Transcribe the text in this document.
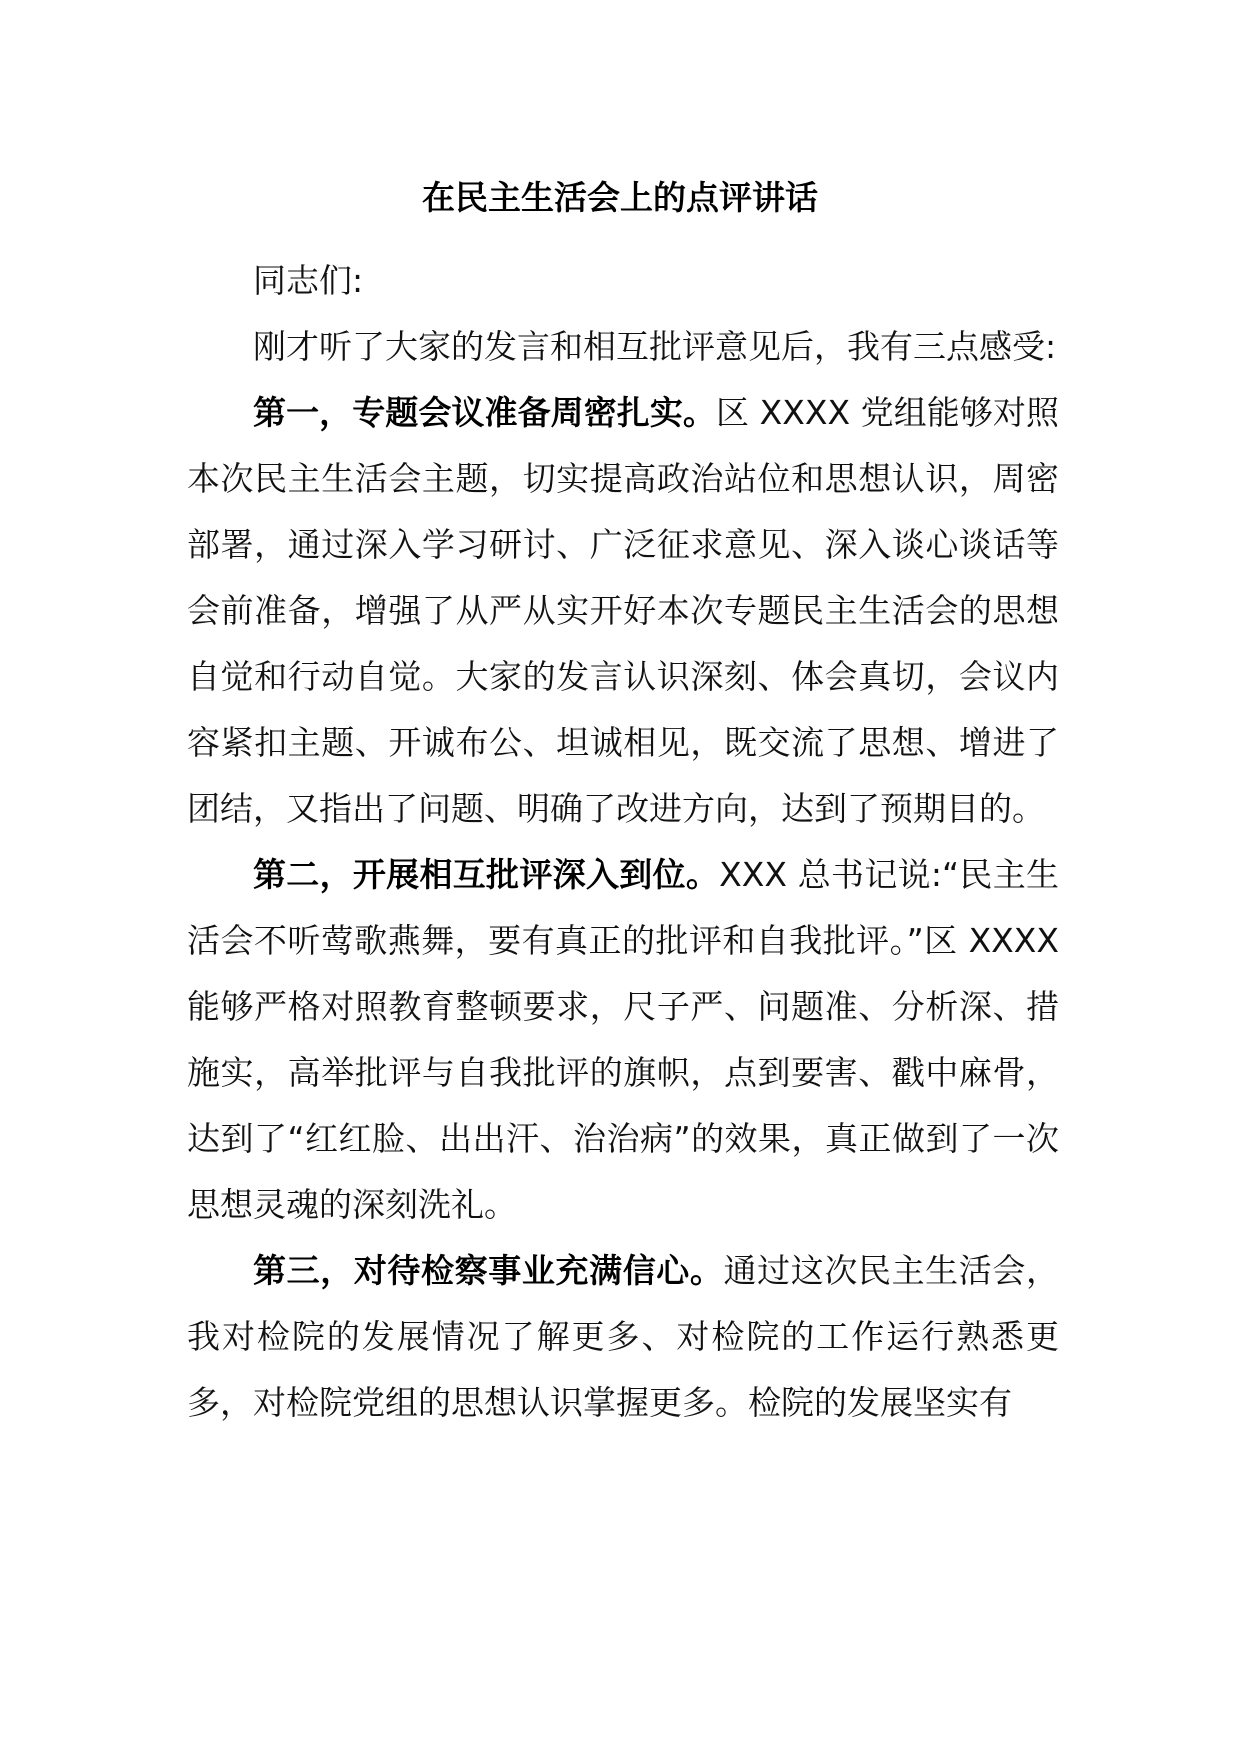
在民主生活会上的点评讲话

同志们:

刚才听了大家的发言和相互批评意见后，我有三点感受:

第一，专题会议准备周密扎实。区 XXXX 党组能够对照本次民主生活会主题，切实提高政治站位和思想认识，周密部署，通过深入学习研讨、广泛征求意见、深入谈心谈话等会前准备，增强了从严从实开好本次专题民主生活会的思想自觉和行动自觉。大家的发言认识深刻、体会真切，会议内容紧扣主题、开诚布公、坦诚相见，既交流了思想、增进了团结，又指出了问题、明确了改进方向，达到了预期目的。

第二，开展相互批评深入到位。XXX 总书记说:“民主生活会不听莺歌燕舞，要有真正的批评和自我批评。”区 XXXX 能够严格对照教育整顿要求，尺子严、问题准、分析深、措施实，高举批评与自我批评的旗帜，点到要害、戳中麻骨，达到了“红红脸、出出汗、治治病”的效果，真正做到了一次思想灵魂的深刻洗礼。

第三，对待检察事业充满信心。通过这次民主生活会，我对检院的发展情况了解更多、对检院的工作运行熟悉更多，对检院党组的思想认识掌握更多。检院的发展坚实有
